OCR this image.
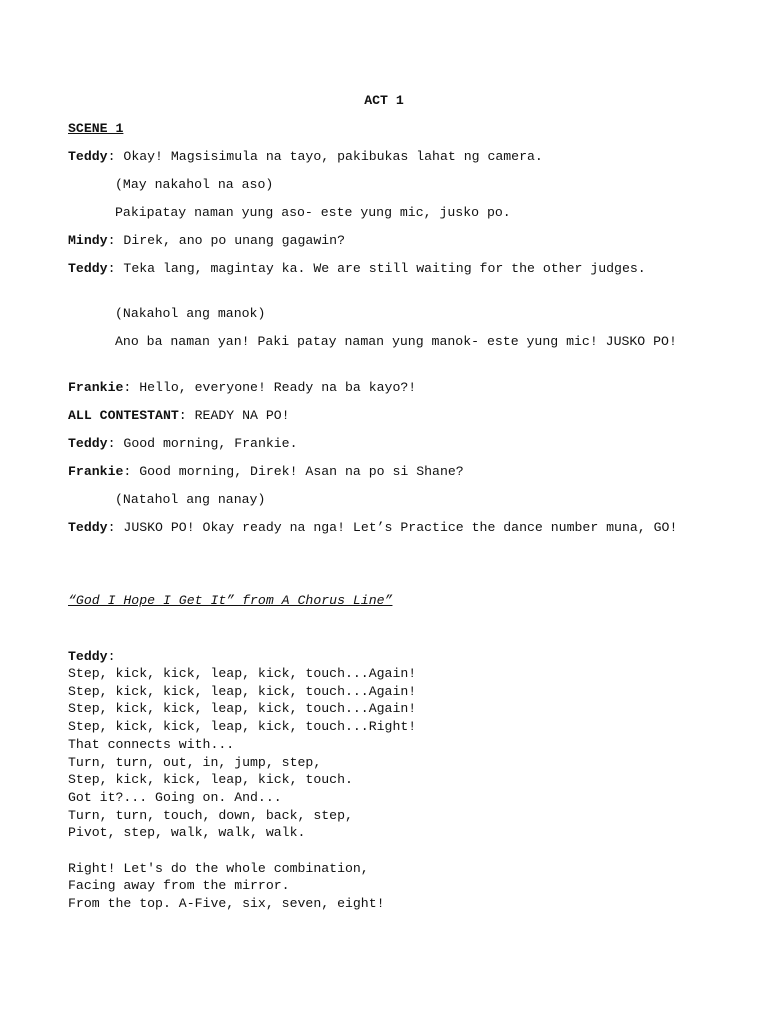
ACT 1

SCENE 1

Teddy: Okay! Magsisimula na tayo, pakibukas lahat ng camera.

(May nakahol na aso)

Pakipatay naman yung aso- este yung mic, jusko po.

Mindy: Direk, ano po unang gagawin?

Teddy: Teka lang, magintay ka. We are still waiting for the other judges.

(Nakahol ang manok)

Ano ba naman yan! Paki patay naman yung manok- este yung mic! JUSKO PO!

Frankie: Hello, everyone! Ready na ba kayo?!

ALL CONTESTANT: READY NA PO!

Teddy: Good morning, Frankie.

Frankie: Good morning, Direk! Asan na po si Shane?

(Natahol ang nanay)

Teddy: JUSKO PO! Okay ready na nga! Let’s Practice the dance number muna, GO!

“God I Hope I Get It” from A Chorus Line”

Teddy:

Step, kick, kick, leap, kick, touch...Again!
Step, kick, kick, leap, kick, touch...Again!
Step, kick, kick, leap, kick, touch...Again!
Step, kick, kick, leap, kick, touch...Right!
That connects with...
Turn, turn, out, in, jump, step,
Step, kick, kick, leap, kick, touch.
Got it?... Going on. And...
Turn, turn, touch, down, back, step,
Pivot, step, walk, walk, walk.
Right! Let's do the whole combination,
Facing away from the mirror.
From the top. A-Five, six, seven, eight!
